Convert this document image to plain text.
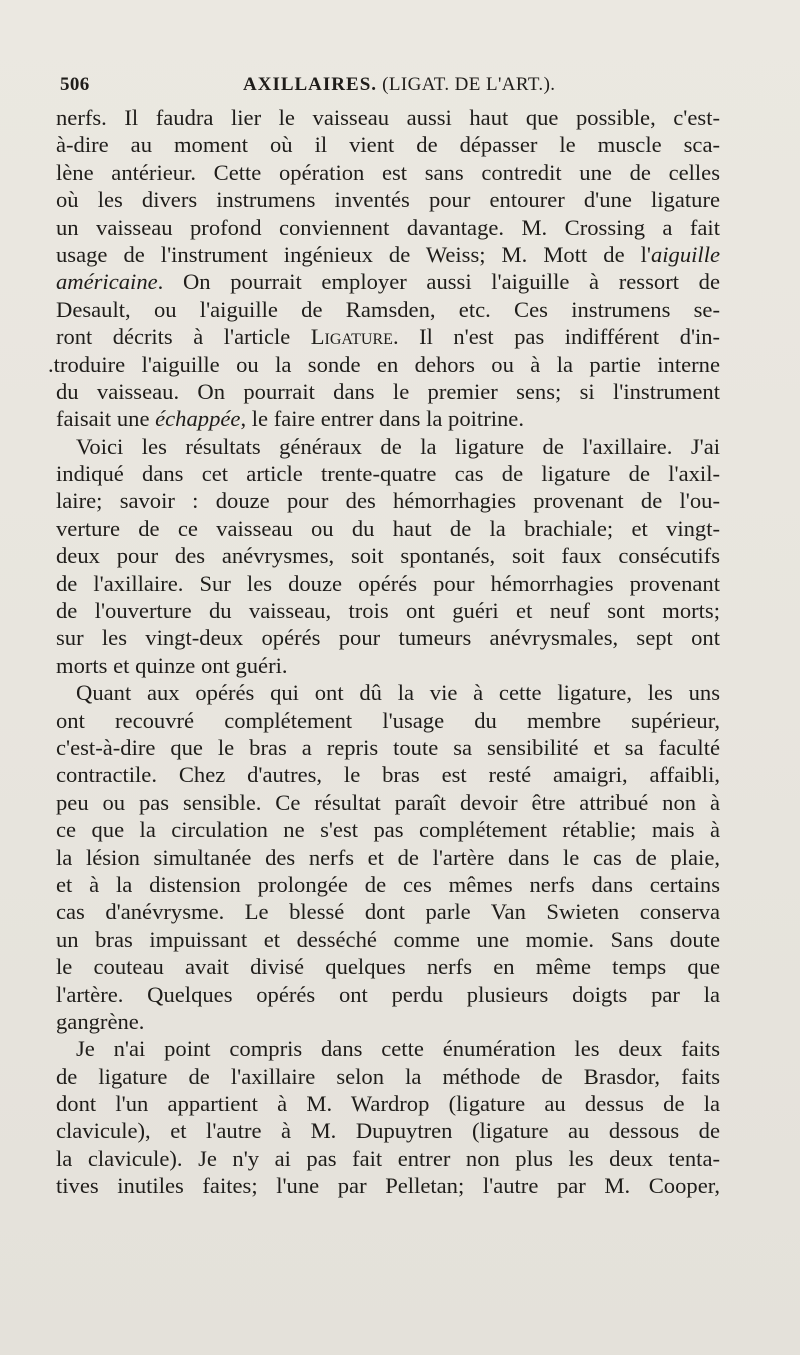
506	AXILLAIRES. (LIGAT. DE L'ART.).
nerfs. Il faudra lier le vaisseau aussi haut que possible, c'est-
à-dire au moment où il vient de dépasser le muscle sca-
lène antérieur. Cette opération est sans contredit une de celles
où les divers instrumens inventés pour entourer d'une ligature
un vaisseau profond conviennent davantage. M. Crossing a fait
usage de l'instrument ingénieux de Weiss; M. Mott de l'aiguille
américaine. On pourrait employer aussi l'aiguille à ressort de
Desault, ou l'aiguille de Ramsden, etc. Ces instrumens se-
ront décrits à l'article Ligature. Il n'est pas indifférent d'in-
.troduire l'aiguille ou la sonde en dehors ou à la partie interne
du vaisseau. On pourrait dans le premier sens; si l'instrument
faisait une échappée, le faire entrer dans la poitrine.
Voici les résultats généraux de la ligature de l'axillaire. J'ai
indiqué dans cet article trente-quatre cas de ligature de l'axil-
laire; savoir : douze pour des hémorrhagies provenant de l'ou-
verture de ce vaisseau ou du haut de la brachiale; et vingt-
deux pour des anévrysmes, soit spontanés, soit faux consécutifs
de l'axillaire. Sur les douze opérés pour hémorrhagies provenant
de l'ouverture du vaisseau, trois ont guéri et neuf sont morts;
sur les vingt-deux opérés pour tumeurs anévrysmales, sept ont
morts et quinze ont guéri.
Quant aux opérés qui ont dû la vie à cette ligature, les uns
ont recouvré complétement l'usage du membre supérieur,
c'est-à-dire que le bras a repris toute sa sensibilité et sa faculté
contractile. Chez d'autres, le bras est resté amaigri, affaibli,
peu ou pas sensible. Ce résultat paraît devoir être attribué non à
ce que la circulation ne s'est pas complétement rétablie; mais à
la lésion simultanée des nerfs et de l'artère dans le cas de plaie,
et à la distension prolongée de ces mêmes nerfs dans certains
cas d'anévrysme. Le blessé dont parle Van Swieten conserva
un bras impuissant et desséché comme une momie. Sans doute
le couteau avait divisé quelques nerfs en même temps que
l'artère. Quelques opérés ont perdu plusieurs doigts par la
gangrène.
Je n'ai point compris dans cette énumération les deux faits
de ligature de l'axillaire selon la méthode de Brasdor, faits
dont l'un appartient à M. Wardrop (ligature au dessus de la
clavicule), et l'autre à M. Dupuytren (ligature au dessous de
la clavicule). Je n'y ai pas fait entrer non plus les deux tenta-
tives inutiles faites; l'une par Pelletan; l'autre par M. Cooper,
